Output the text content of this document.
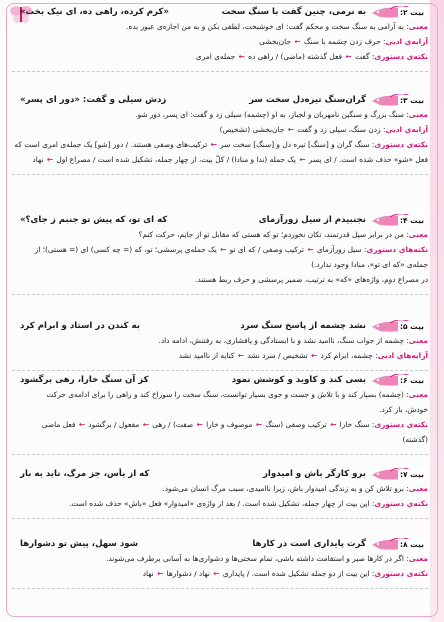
بیت ۲:
به نرمی، چنین گفت با سنگ سخت
«کرم کرده، راهی ده، ای نیک بخت»
معنی: به آرامی به سنگ سخت و محکم گفت: ای خوشبخت، لطفی بکن و به من اجازه‌ی عبور بده.
آرایه‌ی ادبی: حرف زدن چشمه با سنگ ← جان‌بخشی
نکته‌ی دستوری: گفت ← فعل گذشته (ماضی) / راهی ده ← جمله‌ی امری
بیت ۳:
گران‌سنگ تیره‌دل سخت سر
زدش سیلی و گفت: «دور ای پسر»
معنی: سنگ بزرگ و سنگین نامهربان و لجباز، به او (چشمه) سیلی زد و گفت: ای پسر، دور شو.
آرایه‌ی ادبی: زدن سنگ، سیلی زد و گفت ← جان‌بخشی (تشخیص)
نکته‌ی دستوری: سنگ گران و [سنگ] تیره دل و [سنگ] سخت سر ← ترکیب‌های وصفی هستند. / دور [شو] یک جمله‌ی امری است که
فعل «شو» حذف شده است. / ای پسر ← یک جمله (ندا و منادا) / کلّ بیت، از چهار جمله، تشکیل شده است / مصراع اول ← نهاد
بیت ۴:
نجنبیدم از سیل زورآزمای
که ای تو، که پیش تو جنبم ز جای؟»
معنی: من در برابر سیل قدرتمند، تکان نخوردم؛ تو که هستی که مقابل تو از جایم، حرکت کنم؟
نکته‌های دستوری: سیل زورآزمای ← ترکیب وصفی / که ای تو ← یک جمله‌ی پرسشی؛ تو، که (= چه کسی) ای (= هستی)؛ از
جمله‌ی «که ای تو»، منادا وجود ندارد.)
در مصراع دوم، واژه‌های «که» به ترتیب، ضمیر پرسشی و حرف ربط هستند.
بیت ۵:
نشد چشمه از پاسخ سنگ سرد
به کندن در استاد و ابرام کرد
معنی: چشمه از جواب سنگ، ناامید نشد و با ایستادگی و پافشاری، به رفتنش، ادامه داد.
آرایه‌های ادبی: چشمه، ابرام کرد ← تشخیص / سرد نشد ← کنایه از ناامید نشد
بیت ۶:
بسی کند و کاوید و کوشش نمود
کز آن سنگ خارا، رهی برگشود
معنی: (چشمه) بسیار کند و با تلاش و جست و جوی بسیار توانست، سنگ سخت را سوراخ کند و راهی را برای ادامه‌ی حرکت
خودش، باز کرد.
نکته‌ی دستوری: سنگ خارا ← ترکیب وصفی (سنگ ← موصوف و خارا ← صفت) / رهی ← مفعول / برگشود ← فعل ماضی
(گذشته)
بیت ۷:
برو کارگر باش و امیدوار
که از یأس، جز مرگ، ناید به بار
معنی: برو تلاش کن و به زندگی امیدوار باش، زیرا ناامیدی، سبب مرگ انسان می‌شود.
نکته‌ی دستوری: این بیت از چهار جمله، تشکیل شده است. / بعد از واژه‌ی «امیدوار» فعل «باش» حذف شده است.
بیت ۸:
گرت پایداری است در کارها
شود سهل، پیش تو دشوارها
معنی: اگر در کارها صبر و استقامت داشته باشی، تمام سختی‌ها و دشواری‌ها به آسانی برطرف می‌شوند.
نکته‌ی دستوری: این بیت از دو جمله تشکیل شده است. / پایداری ← نهاد / دشوارها ← نهاد
